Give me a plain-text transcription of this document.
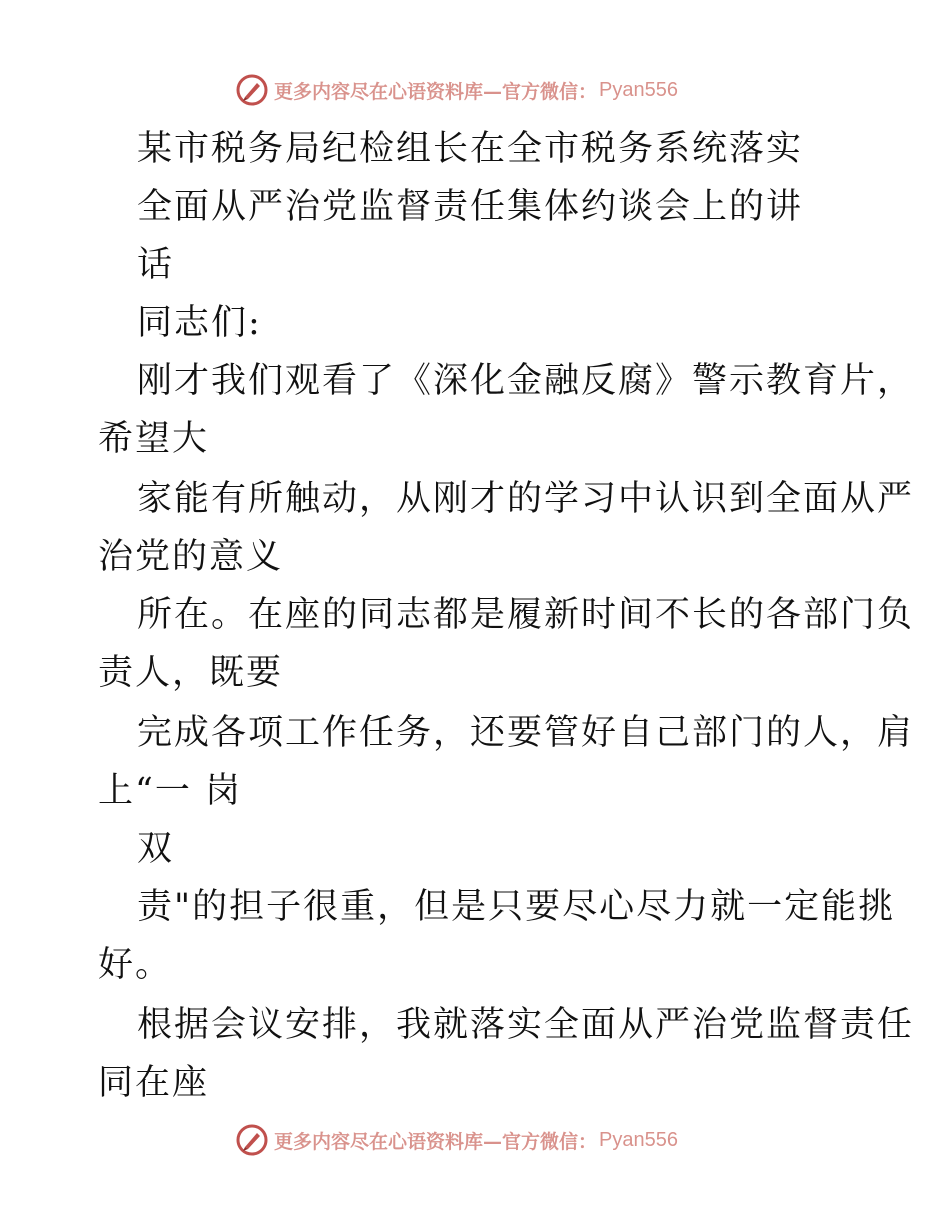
更多内容尽在心语资料库—官方微信： Pyan556
某市税务局纪检组长在全市税务系统落实
全面从严治党监督责任集体约谈会上的讲
话
同志们:
刚才我们观看了《深化金融反腐》警示教育片，
希望大
家能有所触动，从刚才的学习中认识到全面从严
治党的意义
所在。在座的同志都是履新时间不长的各部门负
责人，既要
完成各项工作任务，还要管好自己部门的人，肩
上“一 岗
双
责"的担子很重，但是只要尽心尽力就一定能挑
好。
根据会议安排，我就落实全面从严治党监督责任
同在座
更多内容尽在心语资料库—官方微信： Pyan556
